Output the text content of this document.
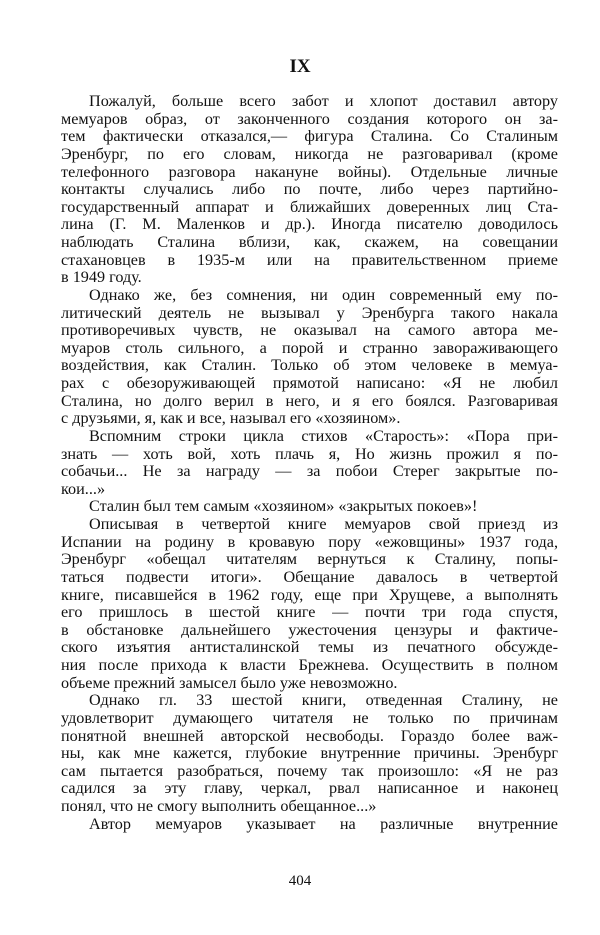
IX
Пожалуй, больше всего забот и хлопот доставил автору
мемуаров образ, от законченного создания которого он за-
тем фактически отказался,— фигура Сталина. Со Сталиным
Эренбург, по его словам, никогда не разговаривал (кроме
телефонного разговора накануне войны). Отдельные личные
контакты случались либо по почте, либо через партийно-
государственный аппарат и ближайших доверенных лиц Ста-
лина (Г. М. Маленков и др.). Иногда писателю доводилось
наблюдать Сталина вблизи, как, скажем, на совещании
стахановцев в 1935-м или на правительственном приеме
в 1949 году.
Однако же, без сомнения, ни один современный ему по-
литический деятель не вызывал у Эренбурга такого накала
противоречивых чувств, не оказывал на самого автора ме-
муаров столь сильного, а порой и странно завораживающего
воздействия, как Сталин. Только об этом человеке в мемуа-
рах с обезоруживающей прямотой написано: «Я не любил
Сталина, но долго верил в него, и я его боялся. Разговаривая
с друзьями, я, как и все, называл его «хозяином».
Вспомним строки цикла стихов «Старость»: «Пора при-
знать — хоть вой, хоть плачь я, Но жизнь прожил я по-
собачьи... Не за награду — за побои Стерег закрытые по-
кои...»
Сталин был тем самым «хозяином» «закрытых покоев»!
Описывая в четвертой книге мемуаров свой приезд из
Испании на родину в кровавую пору «ежовщины» 1937 года,
Эренбург «обещал читателям вернуться к Сталину, попы-
таться подвести итоги». Обещание давалось в четвертой
книге, писавшейся в 1962 году, еще при Хрущеве, а выполнять
его пришлось в шестой книге — почти три года спустя,
в обстановке дальнейшего ужесточения цензуры и фактиче-
ского изъятия антисталинской темы из печатного обсужде-
ния после прихода к власти Брежнева. Осуществить в полном
объеме прежний замысел было уже невозможно.
Однако гл. 33 шестой книги, отведенная Сталину, не
удовлетворит думающего читателя не только по причинам
понятной внешней авторской несвободы. Гораздо более важ-
ны, как мне кажется, глубокие внутренние причины. Эренбург
сам пытается разобраться, почему так произошло: «Я не раз
садился за эту главу, черкал, рвал написанное и наконец
понял, что не смогу выполнить обещанное...»
Автор мемуаров указывает на различные внутренние
404
